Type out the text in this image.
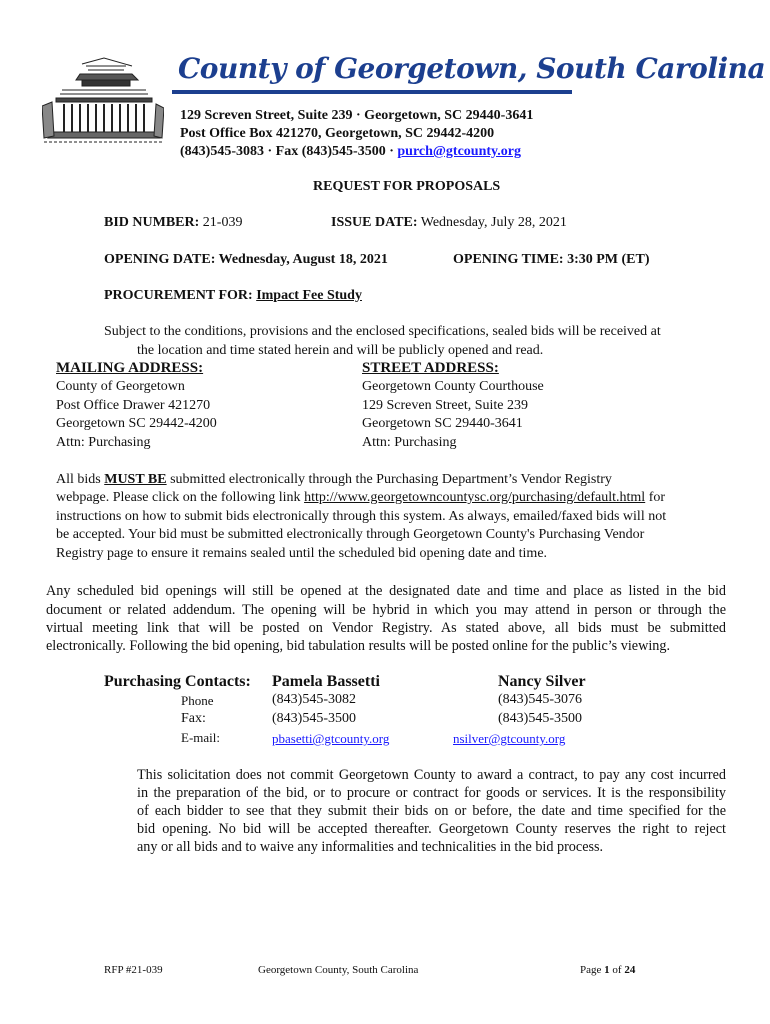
County of Georgetown, South Carolina
129 Screven Street, Suite 239 · Georgetown, SC 29440-3641
Post Office Box 421270, Georgetown, SC 29442-4200
(843)545-3083 · Fax (843)545-3500 · purch@gtcounty.org
REQUEST FOR PROPOSALS
BID NUMBER: 21-039	ISSUE DATE: Wednesday, July 28, 2021
OPENING DATE: Wednesday, August 18, 2021	OPENING TIME: 3:30 PM (ET)
PROCUREMENT FOR: Impact Fee Study
Subject to the conditions, provisions and the enclosed specifications, sealed bids will be received at
the location and time stated herein and will be publicly opened and read.
MAILING ADDRESS:
County of Georgetown
Post Office Drawer 421270
Georgetown SC 29442-4200
Attn: Purchasing
STREET ADDRESS:
Georgetown County Courthouse
129 Screven Street, Suite 239
Georgetown SC 29440-3641
Attn: Purchasing
All bids MUST BE submitted electronically through the Purchasing Department’s Vendor Registry
webpage. Please click on the following link http://www.georgetowncountysc.org/purchasing/default.html for
instructions on how to submit bids electronically through this system. As always, emailed/faxed bids will not
be accepted. Your bid must be submitted electronically through Georgetown County's Purchasing Vendor
Registry page to ensure it remains sealed until the scheduled bid opening date and time.
Any scheduled bid openings will still be opened at the designated date and time and place as listed in the bid
document or related addendum. The opening will be hybrid in which you may attend in person or through the
virtual meeting link that will be posted on Vendor Registry. As stated above, all bids must be submitted
electronically. Following the bid opening, bid tabulation results will be posted online for the public’s viewing.
Purchasing Contacts: Pamela Bassetti	Nancy Silver
Phone	(843)545-3082	(843)545-3076
Fax:	(843)545-3500	(843)545-3500
E-mail:	pbasetti@gtcounty.org	nsilver@gtcounty.org
This solicitation does not commit Georgetown County to award a contract, to pay any cost incurred
in the preparation of the bid, or to procure or contract for goods or services. It is the responsibility
of each bidder to see that they submit their bids on or before, the date and time specified for the
bid opening. No bid will be accepted thereafter. Georgetown County reserves the right to reject
any or all bids and to waive any informalities and technicalities in the bid process.
RFP #21-039	Georgetown County, South Carolina	Page 1 of 24
